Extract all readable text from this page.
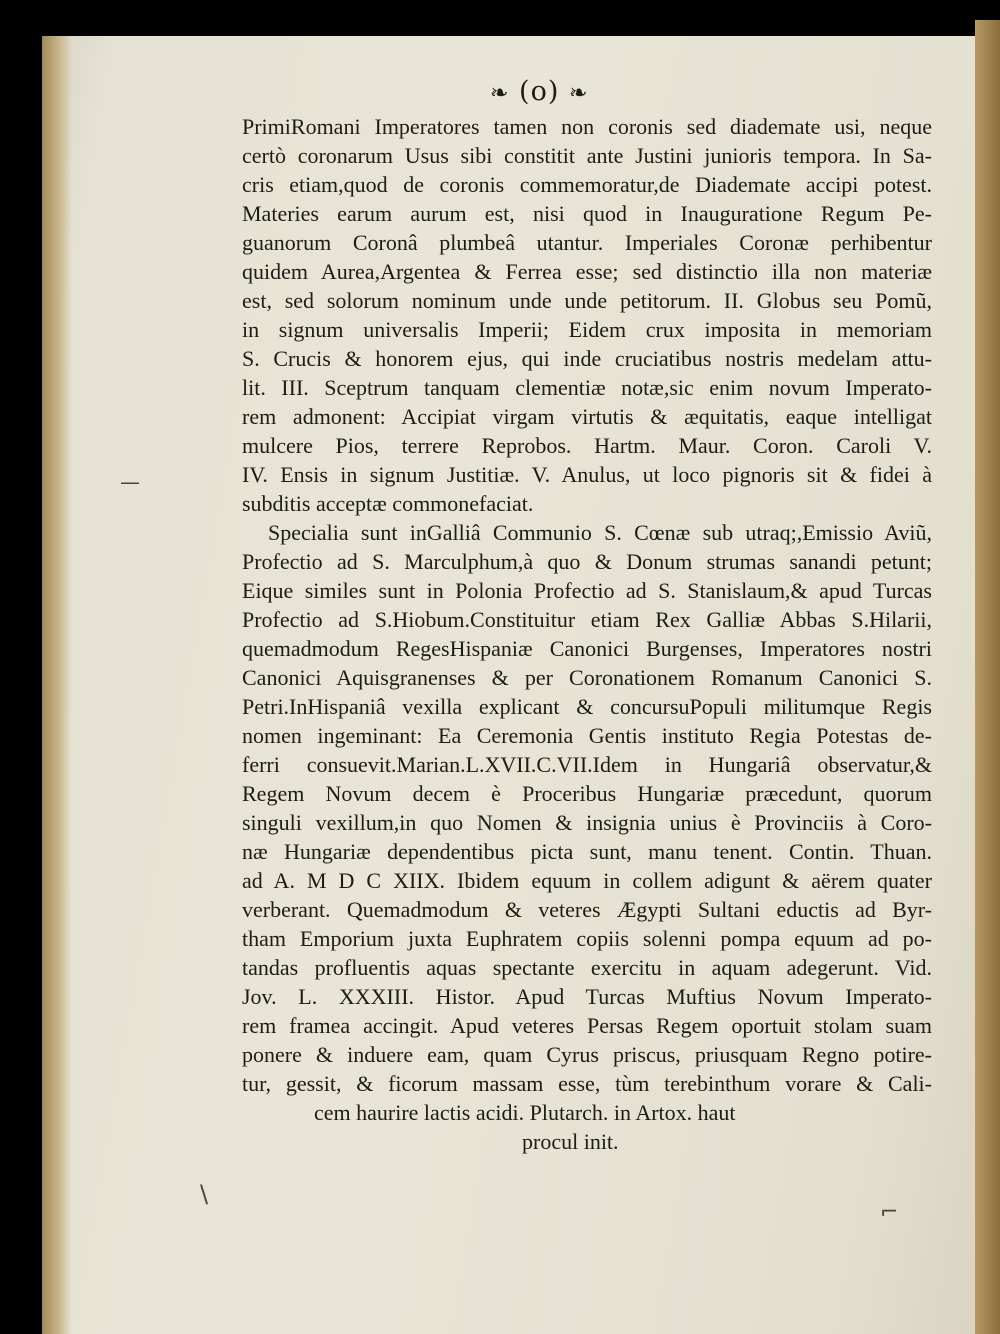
❧ (o) ❧
PrimiRomani Imperatores tamen non coronis sed diademate usi, neque
certò coronarum Usus sibi constitit ante Justini junioris tempora. In Sa-
cris etiam,quod de coronis commemoratur,de Diademate accipi potest.
Materies earum aurum est, nisi quod in Inauguratione Regum Pe-
guanorum Coronâ plumbeâ utantur. Imperiales Coronæ perhibentur
quidem Aurea,Argentea & Ferrea esse; sed distinctio illa non materiæ
est, sed solorum nominum unde unde petitorum. II. Globus seu Pomũ,
in signum universalis Imperii; Eidem crux imposita in memoriam
S. Crucis & honorem ejus, qui inde cruciatibus nostris medelam attu-
lit. III. Sceptrum tanquam clementiæ notæ,sic enim novum Imperato-
rem admonent: Accipiat virgam virtutis & æquitatis, eaque intelligat
mulcere Pios, terrere Reprobos. Hartm. Maur. Coron. Caroli V.
IV. Ensis in signum Justitiæ. V. Anulus, ut loco pignoris sit & fidei à
subditis acceptæ commonefaciat.
Specialia sunt inGalliâ Communio S. Cœnæ sub utraq;,Emissio Aviũ,
Profectio ad S. Marculphum,à quo & Donum strumas sanandi petunt;
Eique similes sunt in Polonia Profectio ad S. Stanislaum,& apud Turcas
Profectio ad S.Hiobum.Constituitur etiam Rex Galliæ Abbas S.Hilarii,
quemadmodum RegesHispaniæ Canonici Burgenses, Imperatores nostri
Canonici Aquisgranenses & per Coronationem Romanum Canonici S.
Petri.InHispaniâ vexilla explicant & concursuPopuli militumque Regis
nomen ingeminant: Ea Ceremonia Gentis instituto Regia Potestas de-
ferri consuevit.Marian.L.XVII.C.VII.Idem in Hungariâ observatur,&
Regem Novum decem è Proceribus Hungariæ præcedunt, quorum
singuli vexillum,in quo Nomen & insignia unius è Provinciis à Coro-
næ Hungariæ dependentibus picta sunt, manu tenent. Contin. Thuan.
ad A. M D C XIIX. Ibidem equum in collem adigunt & aërem quater
verberant. Quemadmodum & veteres Ægypti Sultani eductis ad Byr-
tham Emporium juxta Euphratem copiis solenni pompa equum ad po-
tandas profluentis aquas spectante exercitu in aquam adegerunt. Vid.
Jov. L. XXXIII. Histor. Apud Turcas Muftius Novum Imperato-
rem framea accingit. Apud veteres Persas Regem oportuit stolam suam
ponere & induere eam, quam Cyrus priscus, priusquam Regno potire-
tur, gessit, & ficorum massam esse, tùm terebinthum vorare & Cali-
cem haurire lactis acidi. Plutarch. in Artox. haut
procul init.
—
\
⌐
